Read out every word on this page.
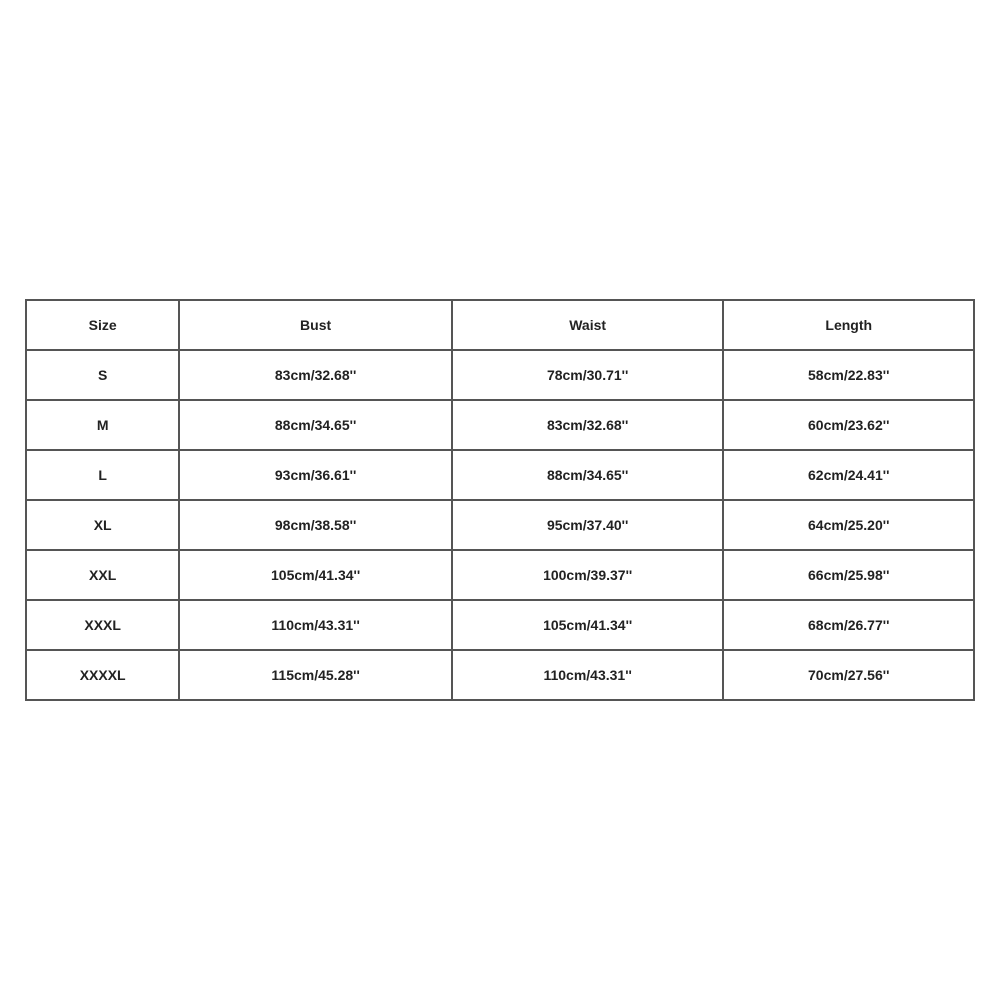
Size	Bust	Waist	Length
S	83cm/32.68''	78cm/30.71''	58cm/22.83''
M	88cm/34.65''	83cm/32.68''	60cm/23.62''
L	93cm/36.61''	88cm/34.65''	62cm/24.41''
XL	98cm/38.58''	95cm/37.40''	64cm/25.20''
XXL	105cm/41.34''	100cm/39.37''	66cm/25.98''
XXXL	110cm/43.31''	105cm/41.34''	68cm/26.77''
XXXXL	115cm/45.28''	110cm/43.31''	70cm/27.56''
